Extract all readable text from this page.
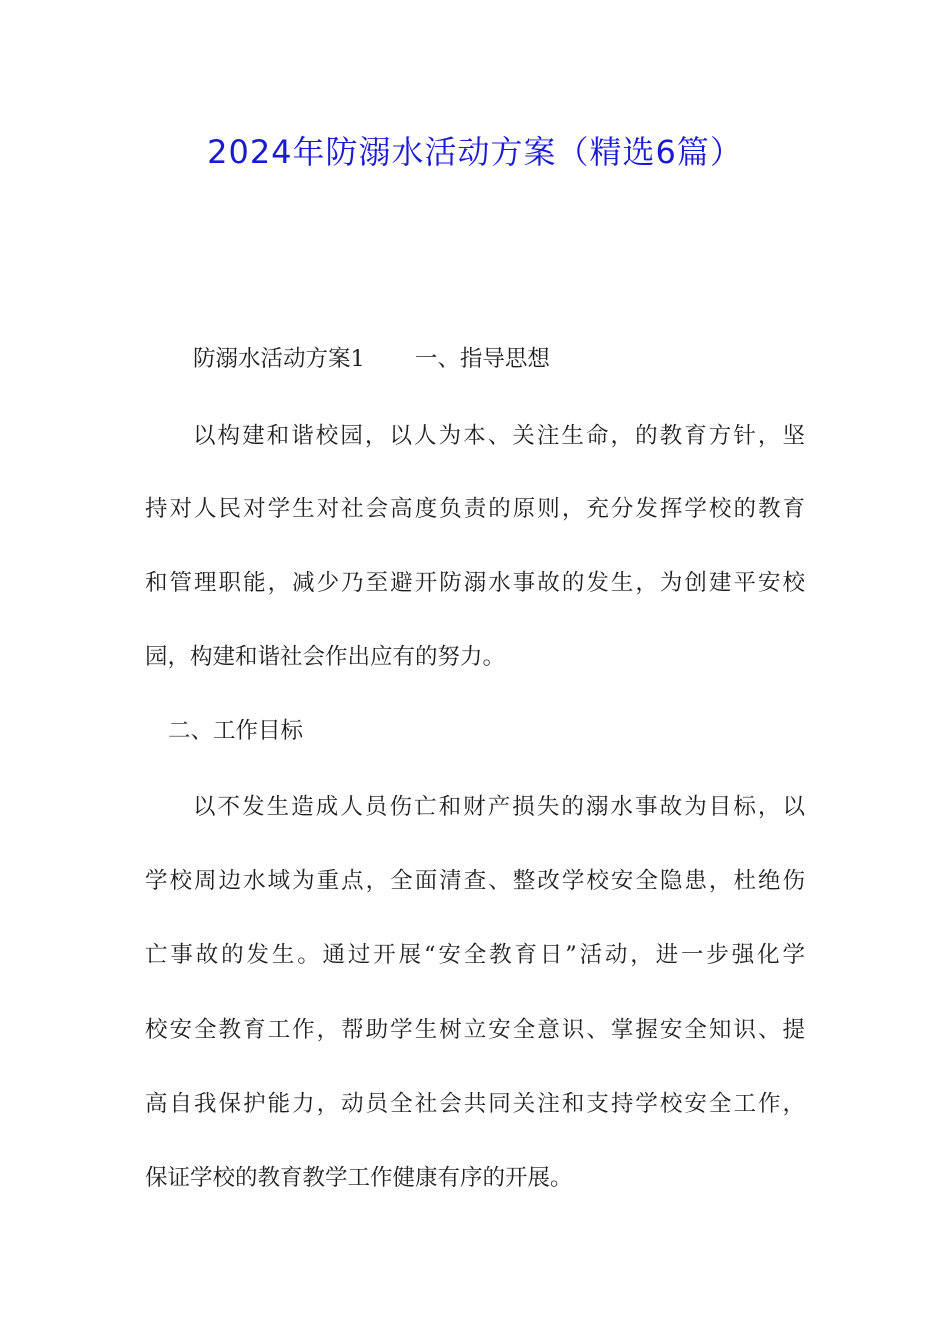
2024年防溺水活动方案（精选6篇）
防溺水活动方案1 一、指导思想
以构建和谐校园，以人为本、关注生命，的教育方针，坚
持对人民对学生对社会高度负责的原则，充分发挥学校的教育
和管理职能，减少乃至避开防溺水事故的发生，为创建平安校
园，构建和谐社会作出应有的努力。
二、工作目标
以不发生造成人员伤亡和财产损失的溺水事故为目标，以
学校周边水域为重点，全面清查、整改学校安全隐患，杜绝伤
亡事故的发生。通过开展“安全教育日”活动，进一步强化学
校安全教育工作，帮助学生树立安全意识、掌握安全知识、提
高自我保护能力，动员全社会共同关注和支持学校安全工作，
保证学校的教育教学工作健康有序的开展。
